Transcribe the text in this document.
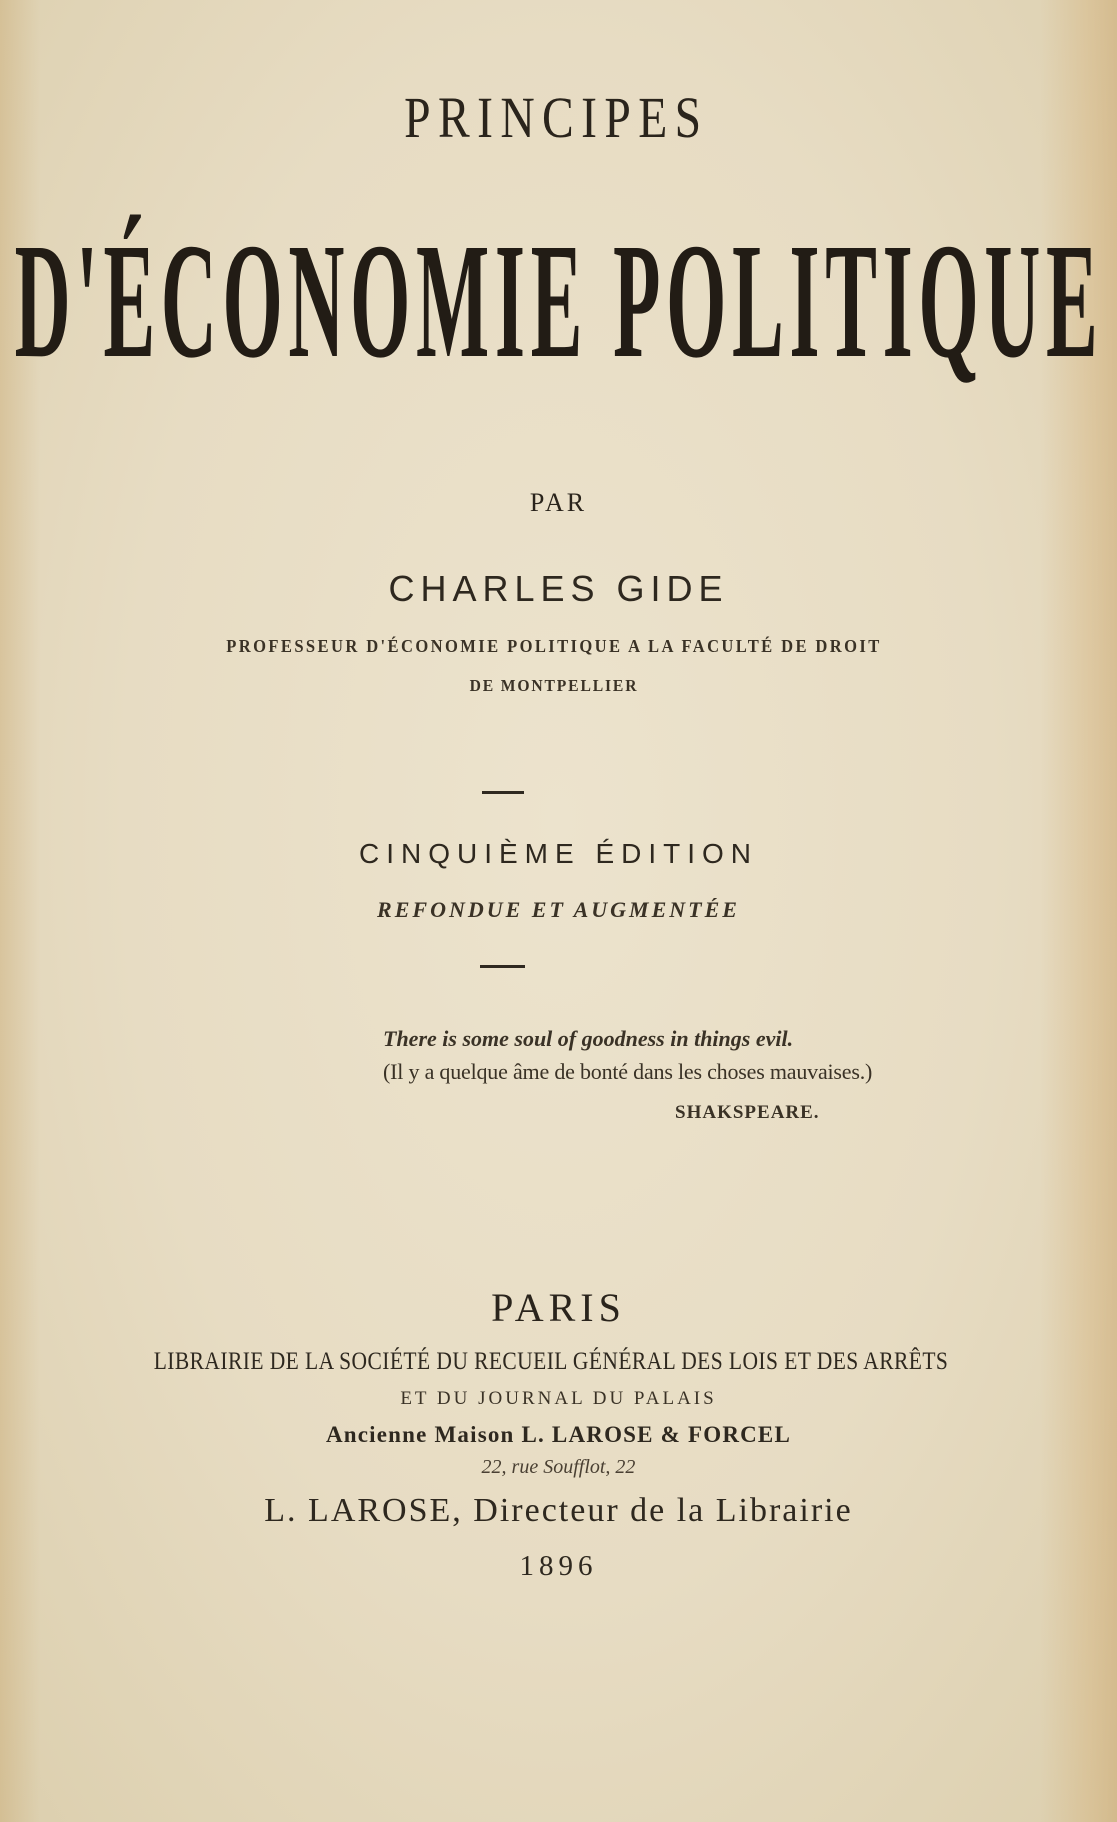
PRINCIPES
D'ÉCONOMIE POLITIQUE
PAR
CHARLES GIDE
PROFESSEUR D'ÉCONOMIE POLITIQUE A LA FACULTÉ DE DROIT
DE MONTPELLIER
CINQUIÈME ÉDITION
REFONDUE ET AUGMENTÉE
There is some soul of goodness in things evil.
(Il y a quelque âme de bonté dans les choses mauvaises.)
SHAKSPEARE.
PARIS
LIBRAIRIE DE LA SOCIÉTÉ DU RECUEIL GÉNÉRAL DES LOIS ET DES ARRÊTS
ET DU JOURNAL DU PALAIS
Ancienne Maison L. LAROSE & FORCEL
22, rue Soufflot, 22
L. LAROSE, Directeur de la Librairie
1896
